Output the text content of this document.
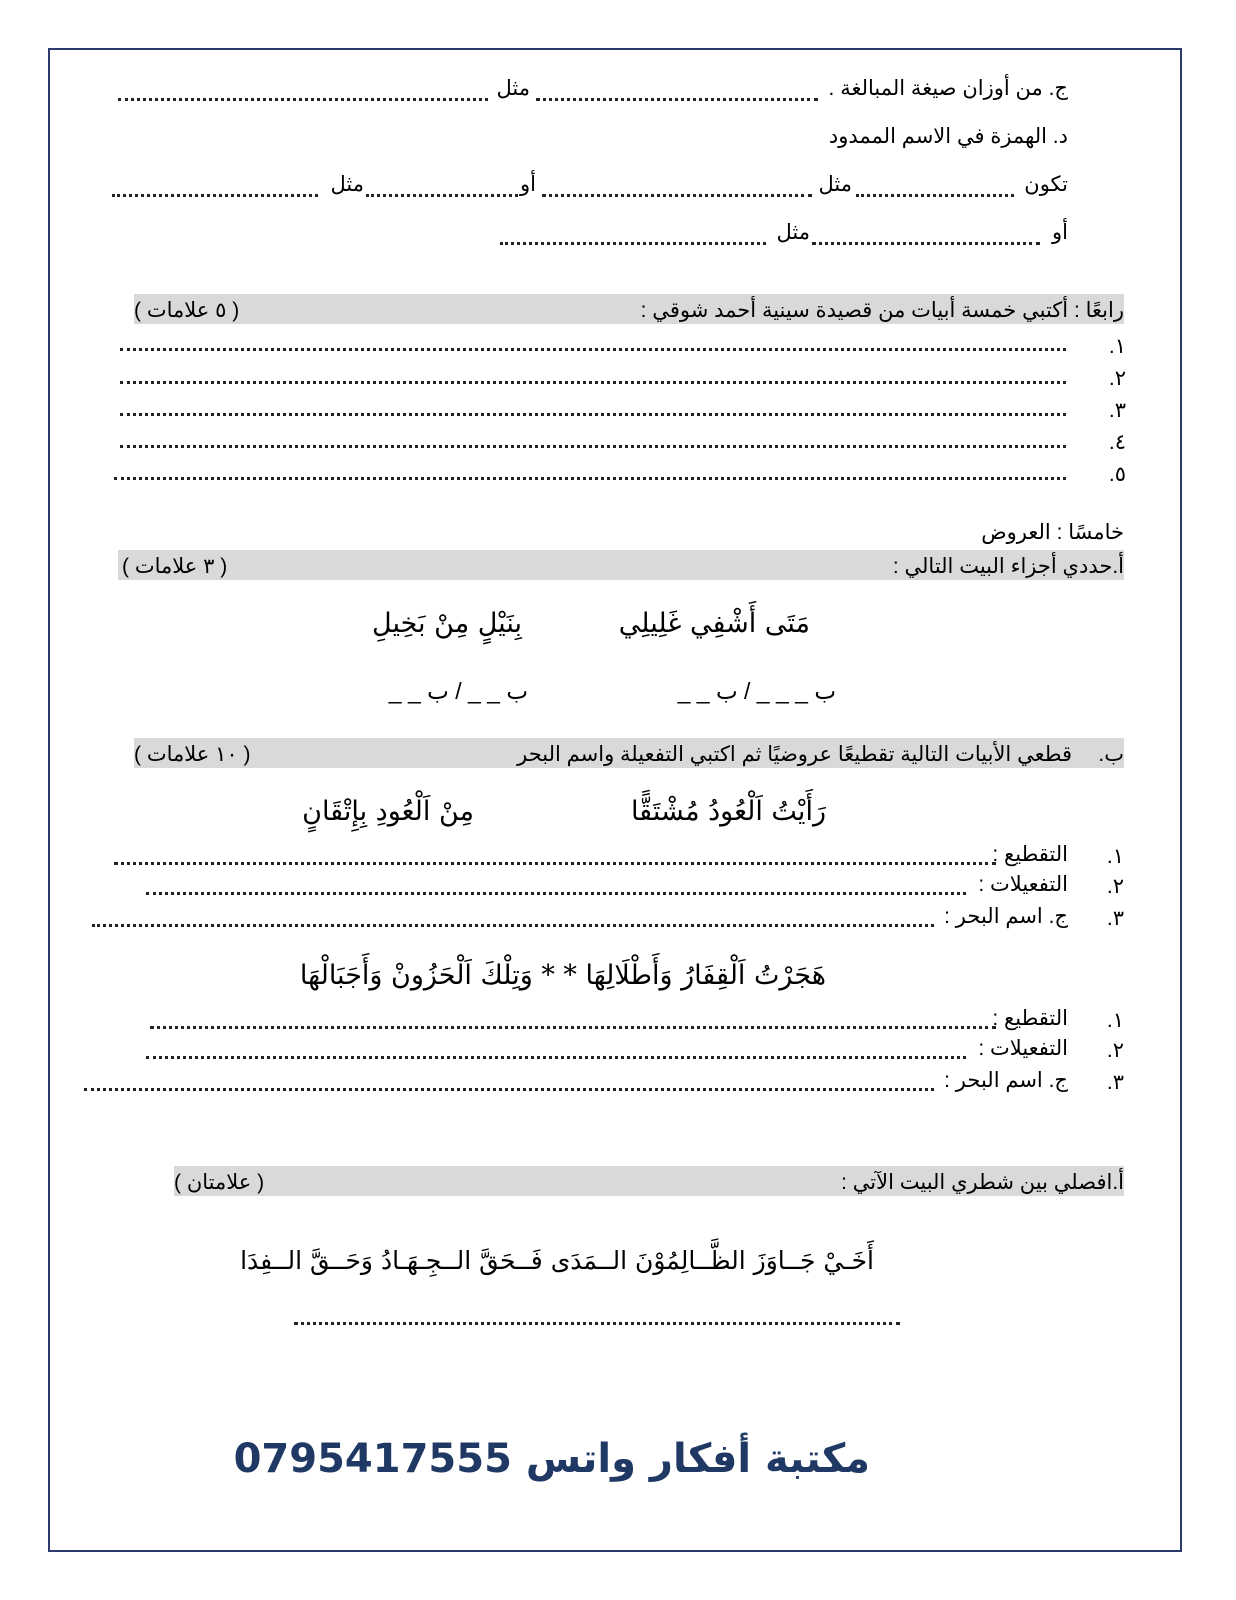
ج. من أوزان صيغة المبالغة .
مثل
د. الهمزة في الاسم الممدود
تكون
مثل
أو
مثل
أو
مثل
رابعًا : أكتبي خمسة أبيات من قصيدة سينية أحمد شوقي :
( ٥ علامات )
١.
٢.
٣.
٤.
٥.
خامسًا : العروض
أ.حددي أجزاء البيت التالي :
( ٣ علامات )
مَتَى أَشْفِي غَلِيلِي
بِنَيْلٍ مِنْ بَخِيلِ
ب _ _ _ / ب _ _
ب _ _ / ب _ _
ب.
قطعي الأبيات التالية تقطيعًا عروضيًا ثم اكتبي التفعيلة واسم البحر
( ١٠ علامات )
رَأَيْتُ اَلْعُودُ مُشْتَقًّا
مِنْ اَلْعُودِ بِإِتْقَانٍ
١.
التقطيع :
٢.
التفعيلات :
٣.
ج. اسم البحر :
هَجَرْتُ اَلْقِفَارُ وَأَطْلَالِهَا * * وَتِلْكَ اَلْحَزُونْ وَأَجَبَالْهَا
١.
التقطيع :
٢.
التفعيلات :
٣.
ج. اسم البحر :
أ.افصلي بين شطري البيت الآتي :
( علامتان )
أَخَـيْ جَــاوَزَ الظَّــالِمُوْنَ الــمَدَى فَــحَقَّ الــجِـهَـادُ وَحَــقَّ الــفِدَا
مكتبة أفكار واتس 0795417555
